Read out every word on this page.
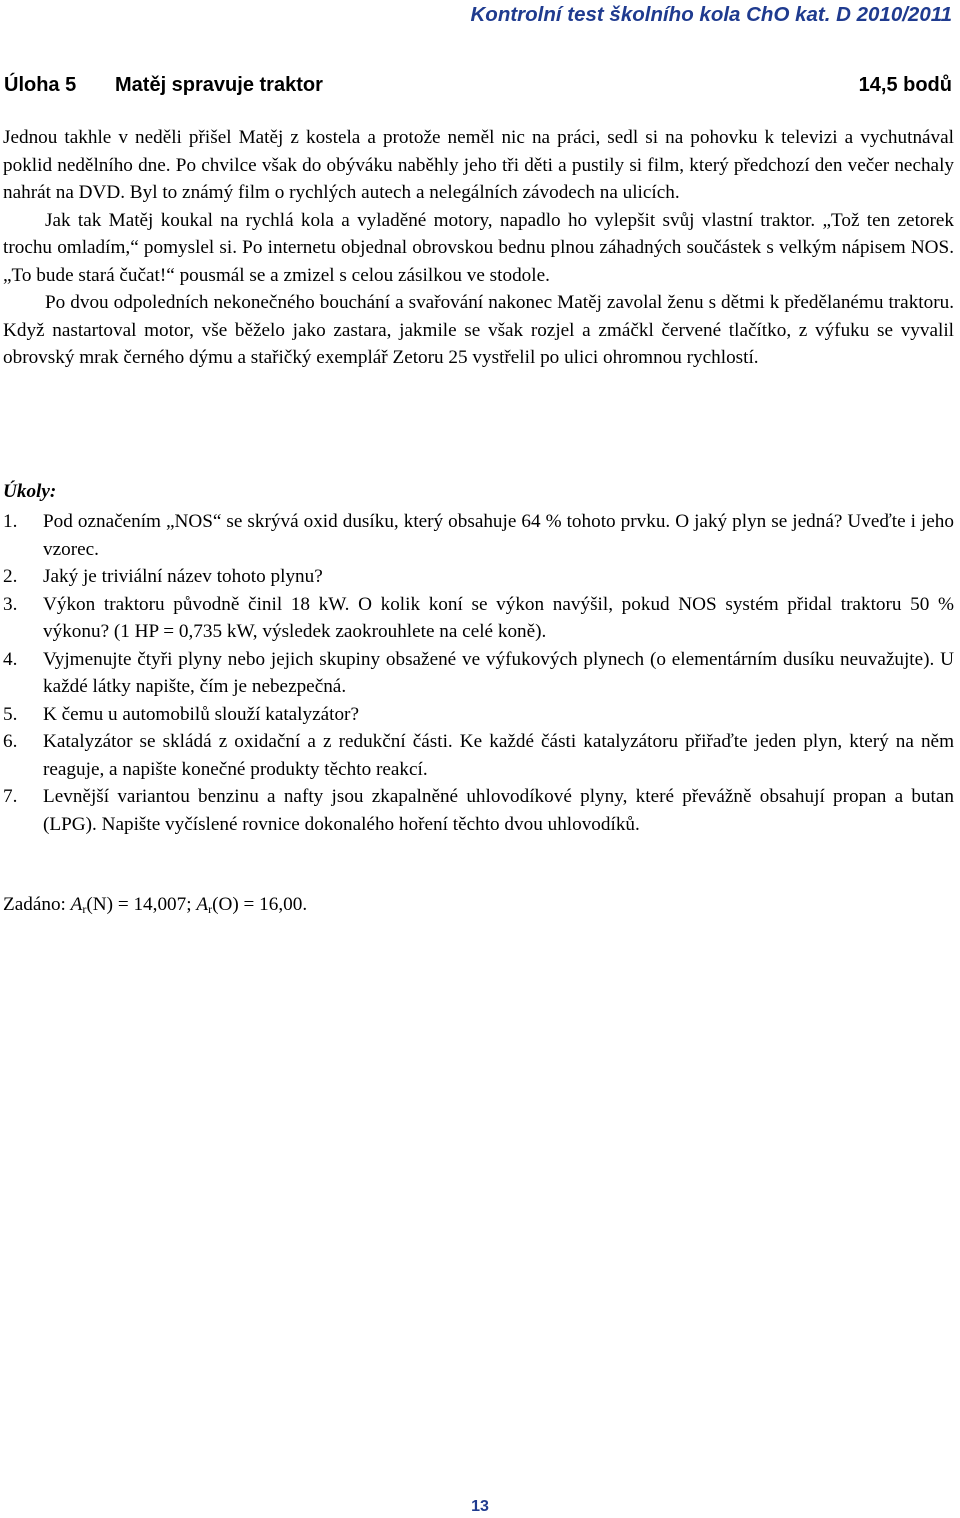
Kontrolní test školního kola ChO kat. D 2010/2011
Úloha 5 Matěj spravuje traktor	14,5 bodů

Jednou takhle v neděli přišel Matěj z kostela a protože neměl nic na práci, sedl si na pohovku k televizi a vychutnával poklid nedělního dne. Po chvilce však do obýváku naběhly jeho tři děti a pustily si film, který předchozí den večer nechaly nahrát na DVD. Byl to známý film o rychlých autech a nelegálních závodech na ulicích.

Jak tak Matěj koukal na rychlá kola a vyladěné motory, napadlo ho vylepšit svůj vlastní traktor. „Tož ten zetorek trochu omladím,“ pomyslel si. Po internetu objednal obrovskou bednu plnou záhadných součástek s velkým nápisem NOS. „To bude stará čučat!“ pousmál se a zmizel s celou zásilkou ve stodole.

Po dvou odpoledních nekonečného bouchání a svařování nakonec Matěj zavolal ženu s dětmi k předělanému traktoru. Když nastartoval motor, vše běželo jako zastara, jakmile se však rozjel a zmáčkl červené tlačítko, z výfuku se vyvalil obrovský mrak černého dýmu a stařičký exemplář Zetoru 25 vystřelil po ulici ohromnou rychlostí.

Úkoly:
1.	Pod označením „NOS“ se skrývá oxid dusíku, který obsahuje 64 % tohoto prvku. O jaký plyn se jedná? Uveďte i jeho vzorec.
2.	Jaký je triviální název tohoto plynu?
3.	Výkon traktoru původně činil 18 kW. O kolik koní se výkon navýšil, pokud NOS systém přidal traktoru 50 % výkonu? (1 HP = 0,735 kW, výsledek zaokrouhlete na celé koně).
4.	Vyjmenujte čtyři plyny nebo jejich skupiny obsažené ve výfukových plynech (o elementárním dusíku neuvažujte). U každé látky napište, čím je nebezpečná.
5.	K čemu u automobilů slouží katalyzátor?
6.	Katalyzátor se skládá z oxidační a z redukční části. Ke každé části katalyzátoru přiřaďte jeden plyn, který na něm reaguje, a napište konečné produkty těchto reakcí.
7.	Levnější variantou benzinu a nafty jsou zkapalněné uhlovodíkové plyny, které převážně obsahují propan a butan (LPG). Napište vyčíslené rovnice dokonalého hoření těchto dvou uhlovodíků.
Zadáno: $A_r(N) = 14,007$; $A_r(O) = 16,00$.
13
